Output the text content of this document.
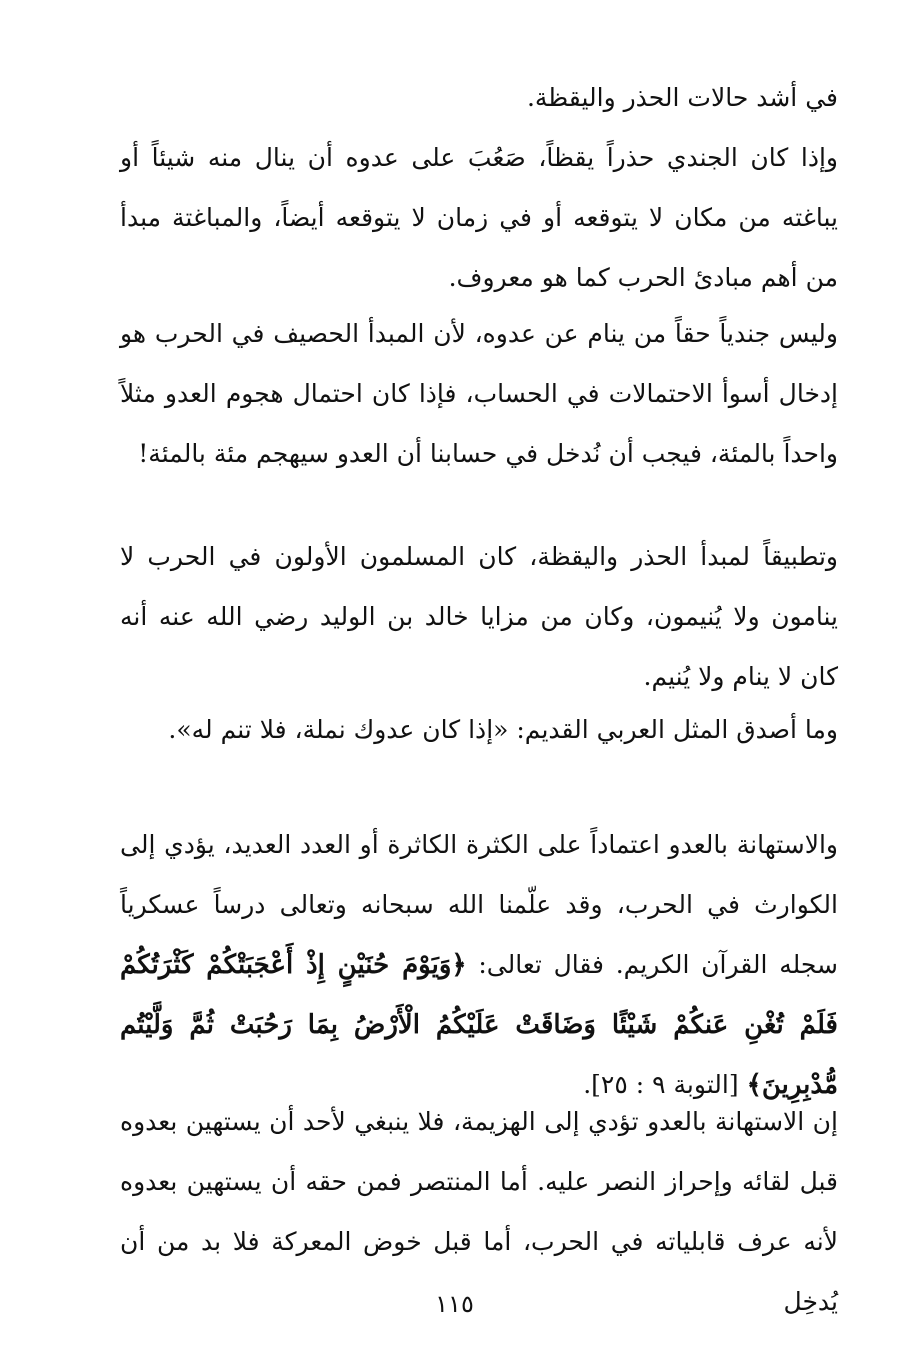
في أشد حالات الحذر واليقظة.

وإذا كان الجندي حذراً يقظاً، صَعُبَ على عدوه أن ينال منه شيئاً أو يباغته من مكان لا يتوقعه أو في زمان لا يتوقعه أيضاً، والمباغتة مبدأ من أهم مبادئ الحرب كما هو معروف.

وليس جندياً حقاً من ينام عن عدوه، لأن المبدأ الحصيف في الحرب هو إدخال أسوأ الاحتمالات في الحساب، فإذا كان احتمال هجوم العدو مثلاً واحداً بالمئة، فيجب أن نُدخل في حسابنا أن العدو سيهجم مئة بالمئة!

وتطبيقاً لمبدأ الحذر واليقظة، كان المسلمون الأولون في الحرب لا ينامون ولا يُنيمون، وكان من مزايا خالد بن الوليد رضي الله عنه أنه كان لا ينام ولا يُنيم.

وما أصدق المثل العربي القديم: «إذا كان عدوك نملة، فلا تنم له».

والاستهانة بالعدو اعتماداً على الكثرة الكاثرة أو العدد العديد، يؤدي إلى الكوارث في الحرب، وقد علّمنا الله سبحانه وتعالى درساً عسكرياً سجله القرآن الكريم. فقال تعالى: ﴿وَيَوْمَ حُنَيْنٍ إِذْ أَعْجَبَتْكُمْ كَثْرَتُكُمْ فَلَمْ تُغْنِ عَنكُمْ شَيْئًا وَضَاقَتْ عَلَيْكُمُ الْأَرْضُ بِمَا رَحُبَتْ ثُمَّ وَلَّيْتُم مُّدْبِرِينَ﴾ [التوبة ٩ : ٢٥].

إن الاستهانة بالعدو تؤدي إلى الهزيمة، فلا ينبغي لأحد أن يستهين بعدوه قبل لقائه وإحراز النصر عليه. أما المنتصر فمن حقه أن يستهين بعدوه لأنه عرف قابلياته في الحرب، أما قبل خوض المعركة فلا بد من أن يُدخِل

١١٥
